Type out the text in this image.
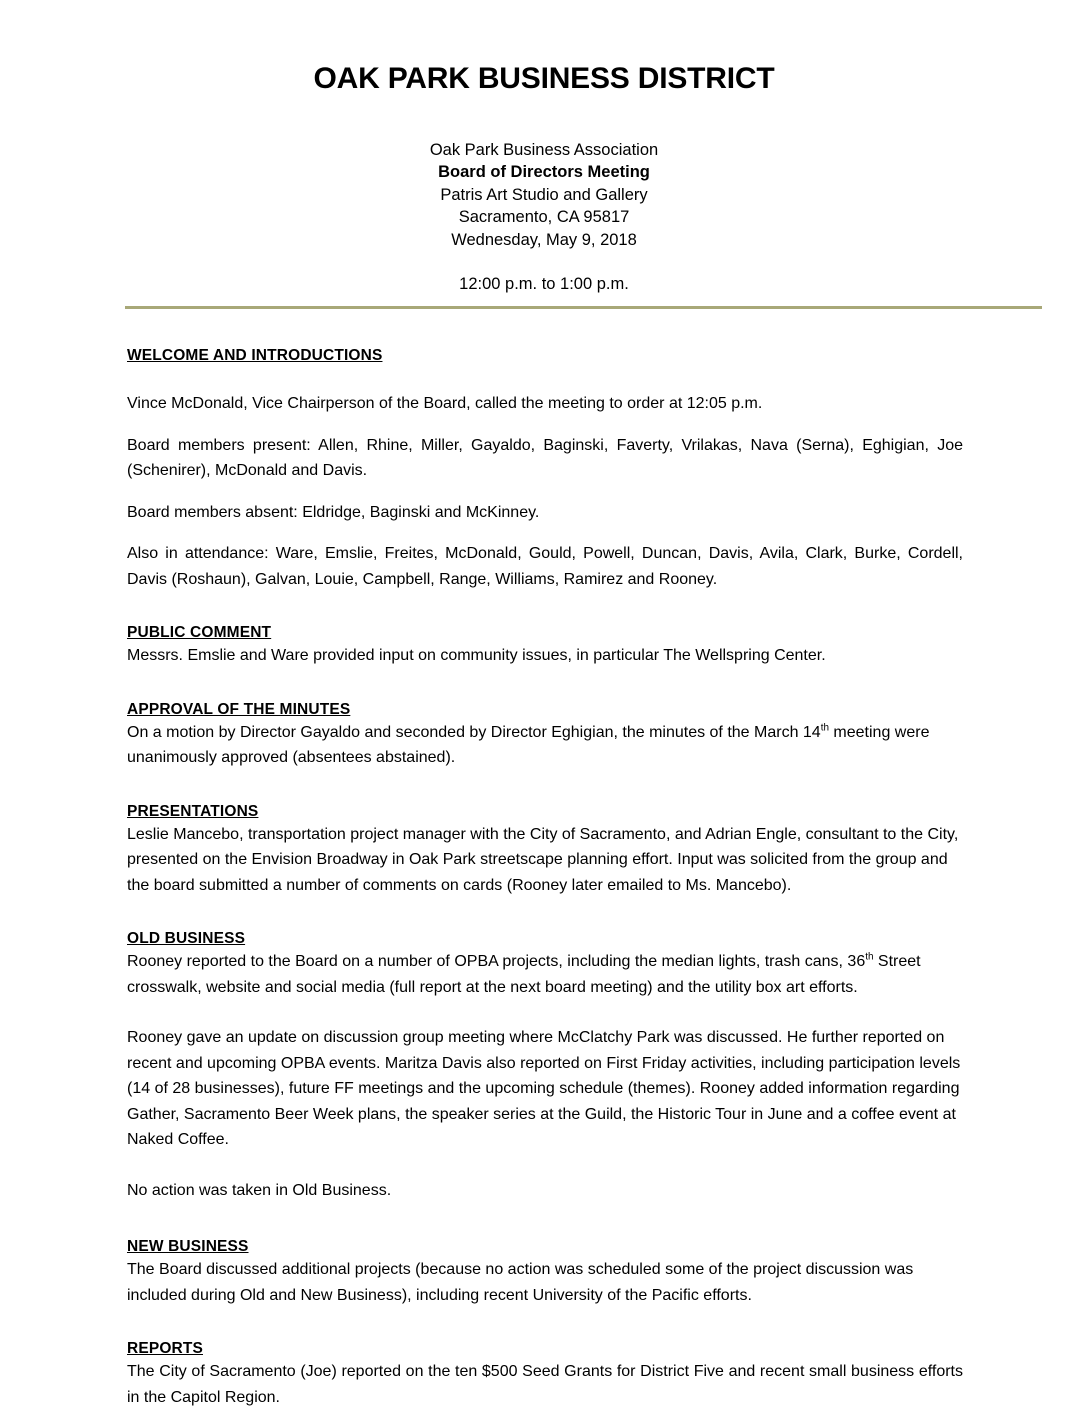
OAK PARK BUSINESS DISTRICT
Oak Park Business Association
Board of Directors Meeting
Patris Art Studio and Gallery
Sacramento, CA 95817
Wednesday, May 9, 2018
12:00 p.m. to 1:00 p.m.
WELCOME AND INTRODUCTIONS

Vince McDonald, Vice Chairperson of the Board, called the meeting to order at 12:05 p.m.

Board members present: Allen, Rhine, Miller, Gayaldo, Baginski, Faverty, Vrilakas, Nava (Serna), Eghigian, Joe (Schenirer), McDonald and Davis.

Board members absent: Eldridge, Baginski and McKinney.

Also in attendance: Ware, Emslie, Freites, McDonald, Gould, Powell, Duncan, Davis, Avila, Clark, Burke, Cordell, Davis (Roshaun), Galvan, Louie, Campbell, Range, Williams, Ramirez and Rooney.

PUBLIC COMMENT

Messrs. Emslie and Ware provided input on community issues, in particular The Wellspring Center.

APPROVAL OF THE MINUTES

On a motion by Director Gayaldo and seconded by Director Eghigian, the minutes of the March 14th meeting were unanimously approved (absentees abstained).

PRESENTATIONS

Leslie Mancebo, transportation project manager with the City of Sacramento, and Adrian Engle, consultant to the City, presented on the Envision Broadway in Oak Park streetscape planning effort. Input was solicited from the group and the board submitted a number of comments on cards (Rooney later emailed to Ms. Mancebo).

OLD BUSINESS

Rooney reported to the Board on a number of OPBA projects, including the median lights, trash cans, 36th Street crosswalk, website and social media (full report at the next board meeting) and the utility box art efforts.

Rooney gave an update on discussion group meeting where McClatchy Park was discussed. He further reported on recent and upcoming OPBA events. Maritza Davis also reported on First Friday activities, including participation levels (14 of 28 businesses), future FF meetings and the upcoming schedule (themes). Rooney added information regarding Gather, Sacramento Beer Week plans, the speaker series at the Guild, the Historic Tour in June and a coffee event at Naked Coffee.

No action was taken in Old Business.

NEW BUSINESS

The Board discussed additional projects (because no action was scheduled some of the project discussion was included during Old and New Business), including recent University of the Pacific efforts.

REPORTS

The City of Sacramento (Joe) reported on the ten $500 Seed Grants for District Five and recent small business efforts in the Capitol Region.
